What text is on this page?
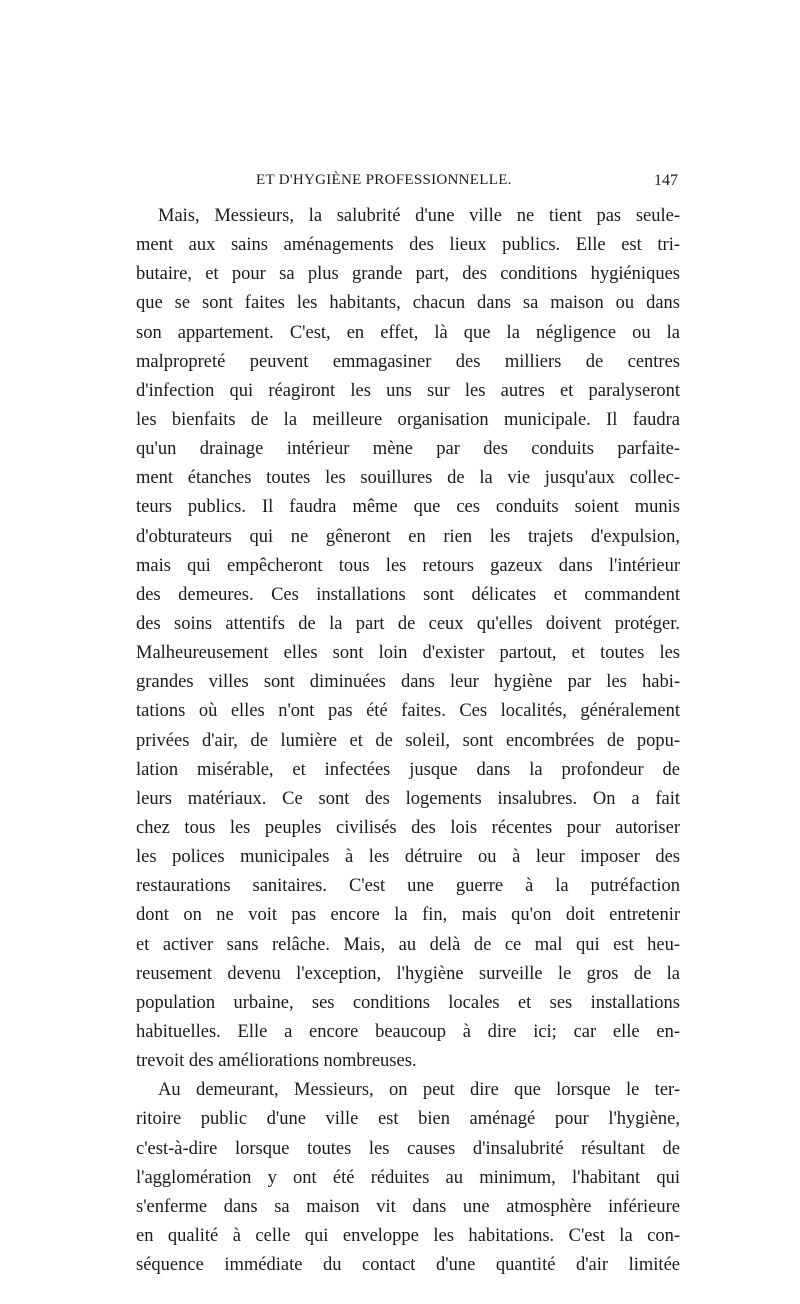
ET D'HYGIÈNE PROFESSIONNELLE.	147
Mais, Messieurs, la salubrité d'une ville ne tient pas seule-
ment aux sains aménagements des lieux publics. Elle est tri-
butaire, et pour sa plus grande part, des conditions hygiéniques
que se sont faites les habitants, chacun dans sa maison ou dans
son appartement. C'est, en effet, là que la négligence ou la
malpropreté peuvent emmagasiner des milliers de centres
d'infection qui réagiront les uns sur les autres et paralyseront
les bienfaits de la meilleure organisation municipale. Il faudra
qu'un drainage intérieur mène par des conduits parfaite-
ment étanches toutes les souillures de la vie jusqu'aux collec-
teurs publics. Il faudra même que ces conduits soient munis
d'obturateurs qui ne gêneront en rien les trajets d'expulsion,
mais qui empêcheront tous les retours gazeux dans l'intérieur
des demeures. Ces installations sont délicates et commandent
des soins attentifs de la part de ceux qu'elles doivent protéger.
Malheureusement elles sont loin d'exister partout, et toutes les
grandes villes sont diminuées dans leur hygiène par les habi-
tations où elles n'ont pas été faites. Ces localités, généralement
privées d'air, de lumière et de soleil, sont encombrées de popu-
lation misérable, et infectées jusque dans la profondeur de
leurs matériaux. Ce sont des logements insalubres. On a fait
chez tous les peuples civilisés des lois récentes pour autoriser
les polices municipales à les détruire ou à leur imposer des
restaurations sanitaires. C'est une guerre à la putréfaction
dont on ne voit pas encore la fin, mais qu'on doit entretenir
et activer sans relâche. Mais, au delà de ce mal qui est heu-
reusement devenu l'exception, l'hygiène surveille le gros de la
population urbaine, ses conditions locales et ses installations
habituelles. Elle a encore beaucoup à dire ici; car elle en-
trevoit des améliorations nombreuses.
Au demeurant, Messieurs, on peut dire que lorsque le ter-
ritoire public d'une ville est bien aménagé pour l'hygiène,
c'est-à-dire lorsque toutes les causes d'insalubrité résultant de
l'agglomération y ont été réduites au minimum, l'habitant qui
s'enferme dans sa maison vit dans une atmosphère inférieure
en qualité à celle qui enveloppe les habitations. C'est la con-
séquence immédiate du contact d'une quantité d'air limitée
